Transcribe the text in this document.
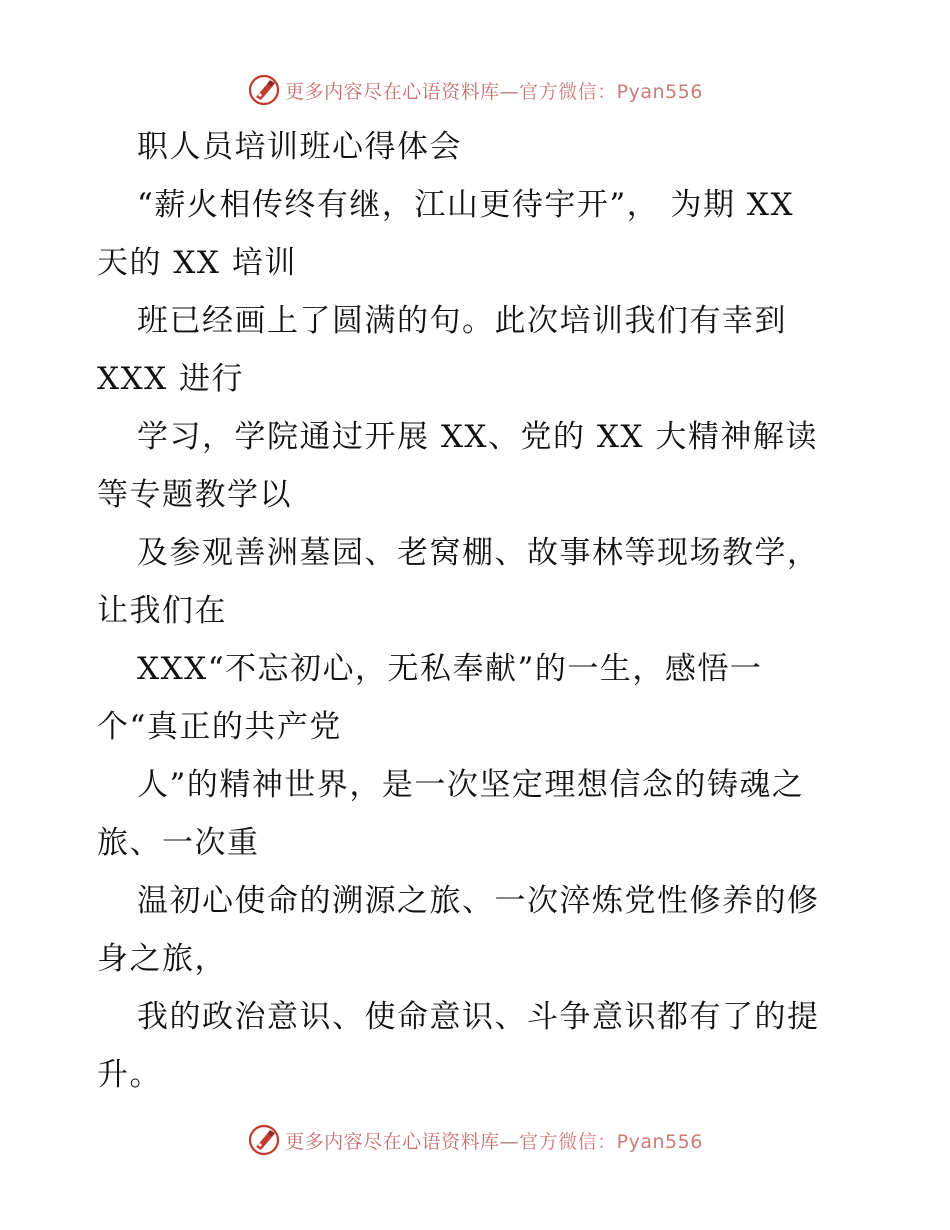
更多内容尽在心语资料库—官方微信：Pyan556
职人员培训班心得体会
“薪火相传终有继，江山更待宇开”， 为期 XX
天的 XX 培训
班已经画上了圆满的句。此次培训我们有幸到
XXX 进行
学习，学院通过开展 XX、党的 XX 大精神解读
等专题教学以
及参观善洲墓园、老窝棚、故事林等现场教学，
让我们在
XXX“不忘初心，无私奉献”的一生，感悟一
个“真正的共产党
人”的精神世界，是一次坚定理想信念的铸魂之
旅、一次重
温初心使命的溯源之旅、一次淬炼党性修养的修
身之旅，
我的政治意识、使命意识、斗争意识都有了的提
升。
更多内容尽在心语资料库—官方微信：Pyan556
